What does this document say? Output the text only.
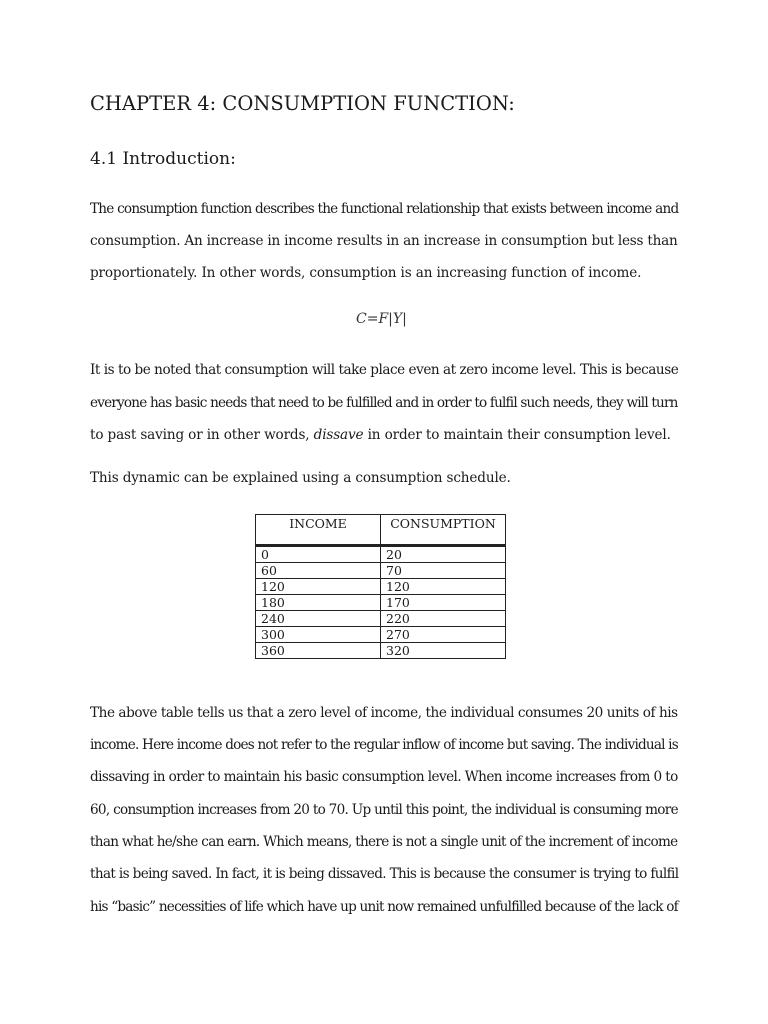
CHAPTER 4: CONSUMPTION FUNCTION:
4.1 Introduction:

The consumption function describes the functional relationship that exists between income and

consumption. An increase in income results in an increase in consumption but less than

proportionately. In other words, consumption is an increasing function of income.

C=F|Y|

It is to be noted that consumption will take place even at zero income level. This is because

everyone has basic needs that need to be fulfilled and in order to fulfil such needs, they will turn

to past saving or in other words, dissave in order to maintain their consumption level.

This dynamic can be explained using a consumption schedule.

INCOME	CONSUMPTION

0	20
60	70
120	120
180	170
240	220
300	270
360	320

The above table tells us that a zero level of income, the individual consumes 20 units of his

income. Here income does not refer to the regular inflow of income but saving. The individual is

dissaving in order to maintain his basic consumption level. When income increases from 0 to

60, consumption increases from 20 to 70. Up until this point, the individual is consuming more

than what he/she can earn. Which means, there is not a single unit of the increment of income

that is being saved. In fact, it is being dissaved. This is because the consumer is trying to fulfil

his “basic” necessities of life which have up unit now remained unfulfilled because of the lack of
